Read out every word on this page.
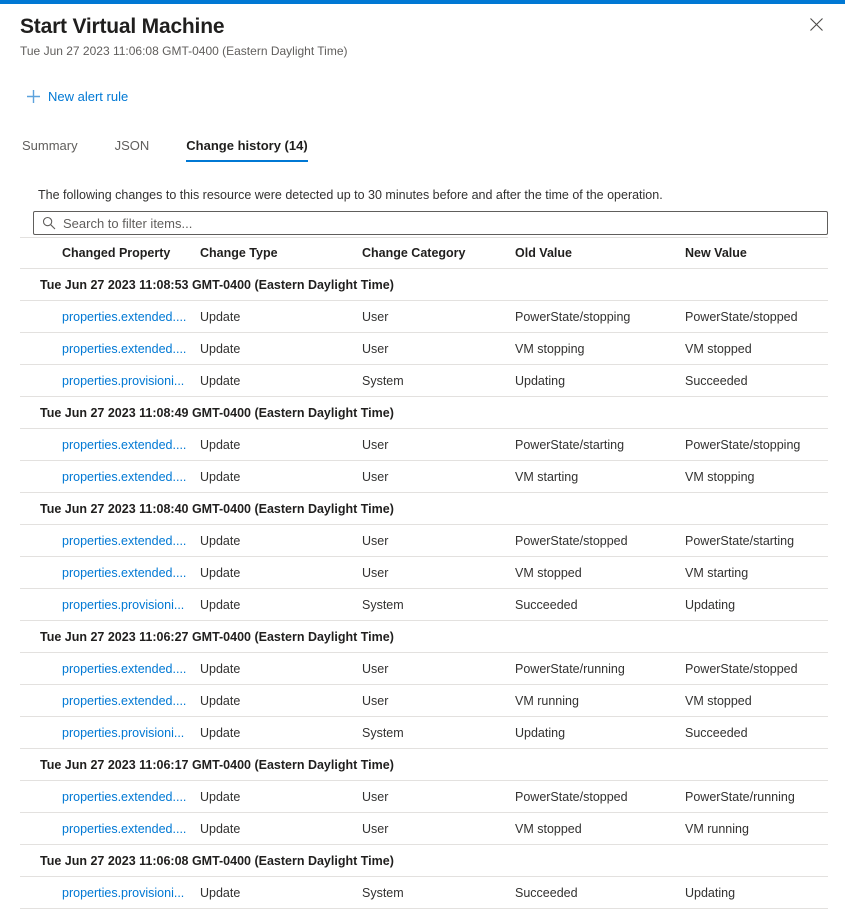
Start Virtual Machine
Tue Jun 27 2023 11:06:08 GMT-0400 (Eastern Daylight Time)
New alert rule
Summary	JSON	Change history (14)
The following changes to this resource were detected up to 30 minutes before and after the time of the operation.
Search to filter items...
Changed Property	Change Type	Change Category	Old Value	New Value
Tue Jun 27 2023 11:08:53 GMT-0400 (Eastern Daylight Time)
properties.extended....	Update	User	PowerState/stopping	PowerState/stopped
properties.extended....	Update	User	VM stopping	VM stopped
properties.provisioni...	Update	System	Updating	Succeeded
Tue Jun 27 2023 11:08:49 GMT-0400 (Eastern Daylight Time)
properties.extended....	Update	User	PowerState/starting	PowerState/stopping
properties.extended....	Update	User	VM starting	VM stopping
Tue Jun 27 2023 11:08:40 GMT-0400 (Eastern Daylight Time)
properties.extended....	Update	User	PowerState/stopped	PowerState/starting
properties.extended....	Update	User	VM stopped	VM starting
properties.provisioni...	Update	System	Succeeded	Updating
Tue Jun 27 2023 11:06:27 GMT-0400 (Eastern Daylight Time)
properties.extended....	Update	User	PowerState/running	PowerState/stopped
properties.extended....	Update	User	VM running	VM stopped
properties.provisioni...	Update	System	Updating	Succeeded
Tue Jun 27 2023 11:06:17 GMT-0400 (Eastern Daylight Time)
properties.extended....	Update	User	PowerState/stopped	PowerState/running
properties.extended....	Update	User	VM stopped	VM running
Tue Jun 27 2023 11:06:08 GMT-0400 (Eastern Daylight Time)
properties.provisioni...	Update	System	Succeeded	Updating
